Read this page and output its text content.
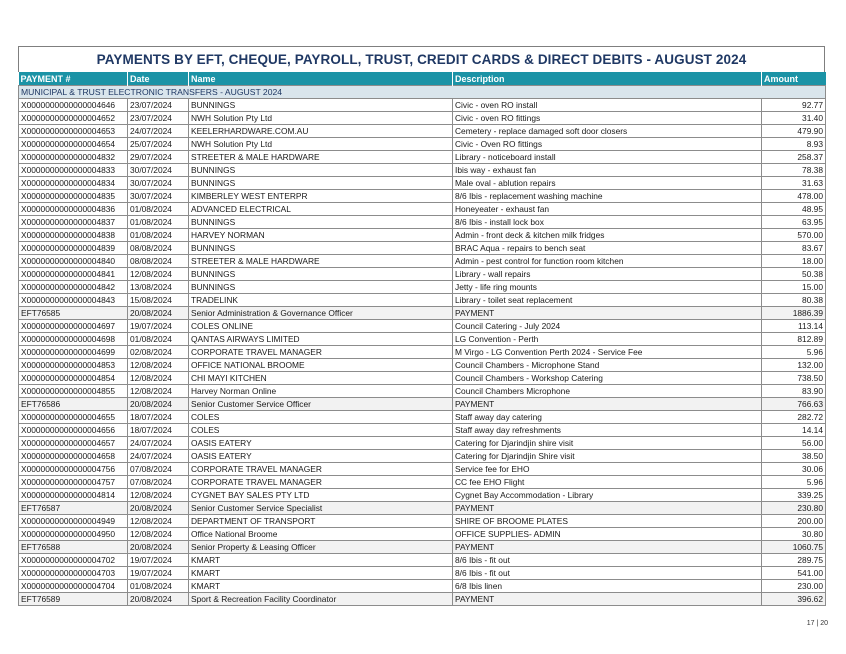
PAYMENTS BY EFT, CHEQUE, PAYROLL, TRUST, CREDIT CARDS & DIRECT DEBITS - AUGUST 2024
PAYMENT #	Date	Name	Description	Amount
MUNICIPAL & TRUST ELECTRONIC TRANSFERS - AUGUST 2024				
X0000000000000004646	23/07/2024	BUNNINGS	Civic - oven RO install	92.77
X0000000000000004652	23/07/2024	NWH Solution Pty Ltd	Civic - oven RO fittings	31.40
X0000000000000004653	24/07/2024	KEELERHARDWARE.COM.AU	Cemetery - replace damaged soft door closers	479.90
X0000000000000004654	25/07/2024	NWH Solution Pty Ltd	Civic - Oven RO fittings	8.93
X0000000000000004832	29/07/2024	STREETER & MALE HARDWARE	Library - noticeboard install	258.37
X0000000000000004833	30/07/2024	BUNNINGS	Ibis way - exhaust fan	78.38
X0000000000000004834	30/07/2024	BUNNINGS	Male oval - ablution repairs	31.63
X0000000000000004835	30/07/2024	KIMBERLEY WEST ENTERPR	8/6 Ibis - replacement washing machine	478.00
X0000000000000004836	01/08/2024	ADVANCED ELECTRICAL	Honeyeater - exhaust fan	48.95
X0000000000000004837	01/08/2024	BUNNINGS	8/6 Ibis - install lock box	63.95
X0000000000000004838	01/08/2024	HARVEY NORMAN	Admin - front deck & kitchen milk fridges	570.00
X0000000000000004839	08/08/2024	BUNNINGS	BRAC Aqua - repairs to bench seat	83.67
X0000000000000004840	08/08/2024	STREETER & MALE HARDWARE	Admin - pest control for function room kitchen	18.00
X0000000000000004841	12/08/2024	BUNNINGS	Library - wall repairs	50.38
X0000000000000004842	13/08/2024	BUNNINGS	Jetty - life ring mounts	15.00
X0000000000000004843	15/08/2024	TRADELINK	Library - toilet seat replacement	80.38
EFT76585	20/08/2024	Senior Administration & Governance Officer	PAYMENT	1886.39
X0000000000000004697	19/07/2024	COLES ONLINE	Council Catering - July 2024	113.14
X0000000000000004698	01/08/2024	QANTAS AIRWAYS LIMITED	LG Convention - Perth	812.89
X0000000000000004699	02/08/2024	CORPORATE TRAVEL MANAGER	M Virgo - LG Convention Perth 2024 - Service Fee	5.96
X0000000000000004853	12/08/2024	OFFICE NATIONAL BROOME	Council Chambers - Microphone Stand	132.00
X0000000000000004854	12/08/2024	CHI MAYI KITCHEN	Council Chambers - Workshop Catering	738.50
X0000000000000004855	12/08/2024	Harvey Norman Online	Council Chambers Microphone	83.90
EFT76586	20/08/2024	Senior Customer Service Officer	PAYMENT	766.63
X0000000000000004655	18/07/2024	COLES	Staff away day catering	282.72
X0000000000000004656	18/07/2024	COLES	Staff away day refreshments	14.14
X0000000000000004657	24/07/2024	OASIS EATERY	Catering for Djarindjin shire visit	56.00
X0000000000000004658	24/07/2024	OASIS EATERY	Catering for Djarindjin Shire visit	38.50
X0000000000000004756	07/08/2024	CORPORATE TRAVEL MANAGER	Service fee for EHO	30.06
X0000000000000004757	07/08/2024	CORPORATE TRAVEL MANAGER	CC fee EHO Flight	5.96
X0000000000000004814	12/08/2024	CYGNET BAY SALES PTY LTD	Cygnet Bay Accommodation - Library	339.25
EFT76587	20/08/2024	Senior Customer Service Specialist	PAYMENT	230.80
X0000000000000004949	12/08/2024	DEPARTMENT OF TRANSPORT	SHIRE OF BROOME PLATES	200.00
X0000000000000004950	12/08/2024	Office National Broome	OFFICE SUPPLIES- ADMIN	30.80
EFT76588	20/08/2024	Senior Property & Leasing Officer	PAYMENT	1060.75
X0000000000000004702	19/07/2024	KMART	8/6 Ibis - fit out	289.75
X0000000000000004703	19/07/2024	KMART	8/6 Ibis - fit out	541.00
X0000000000000004704	01/08/2024	KMART	6/8 Ibis linen	230.00
EFT76589	20/08/2024	Sport & Recreation Facility Coordinator	PAYMENT	396.62
17 | 20
